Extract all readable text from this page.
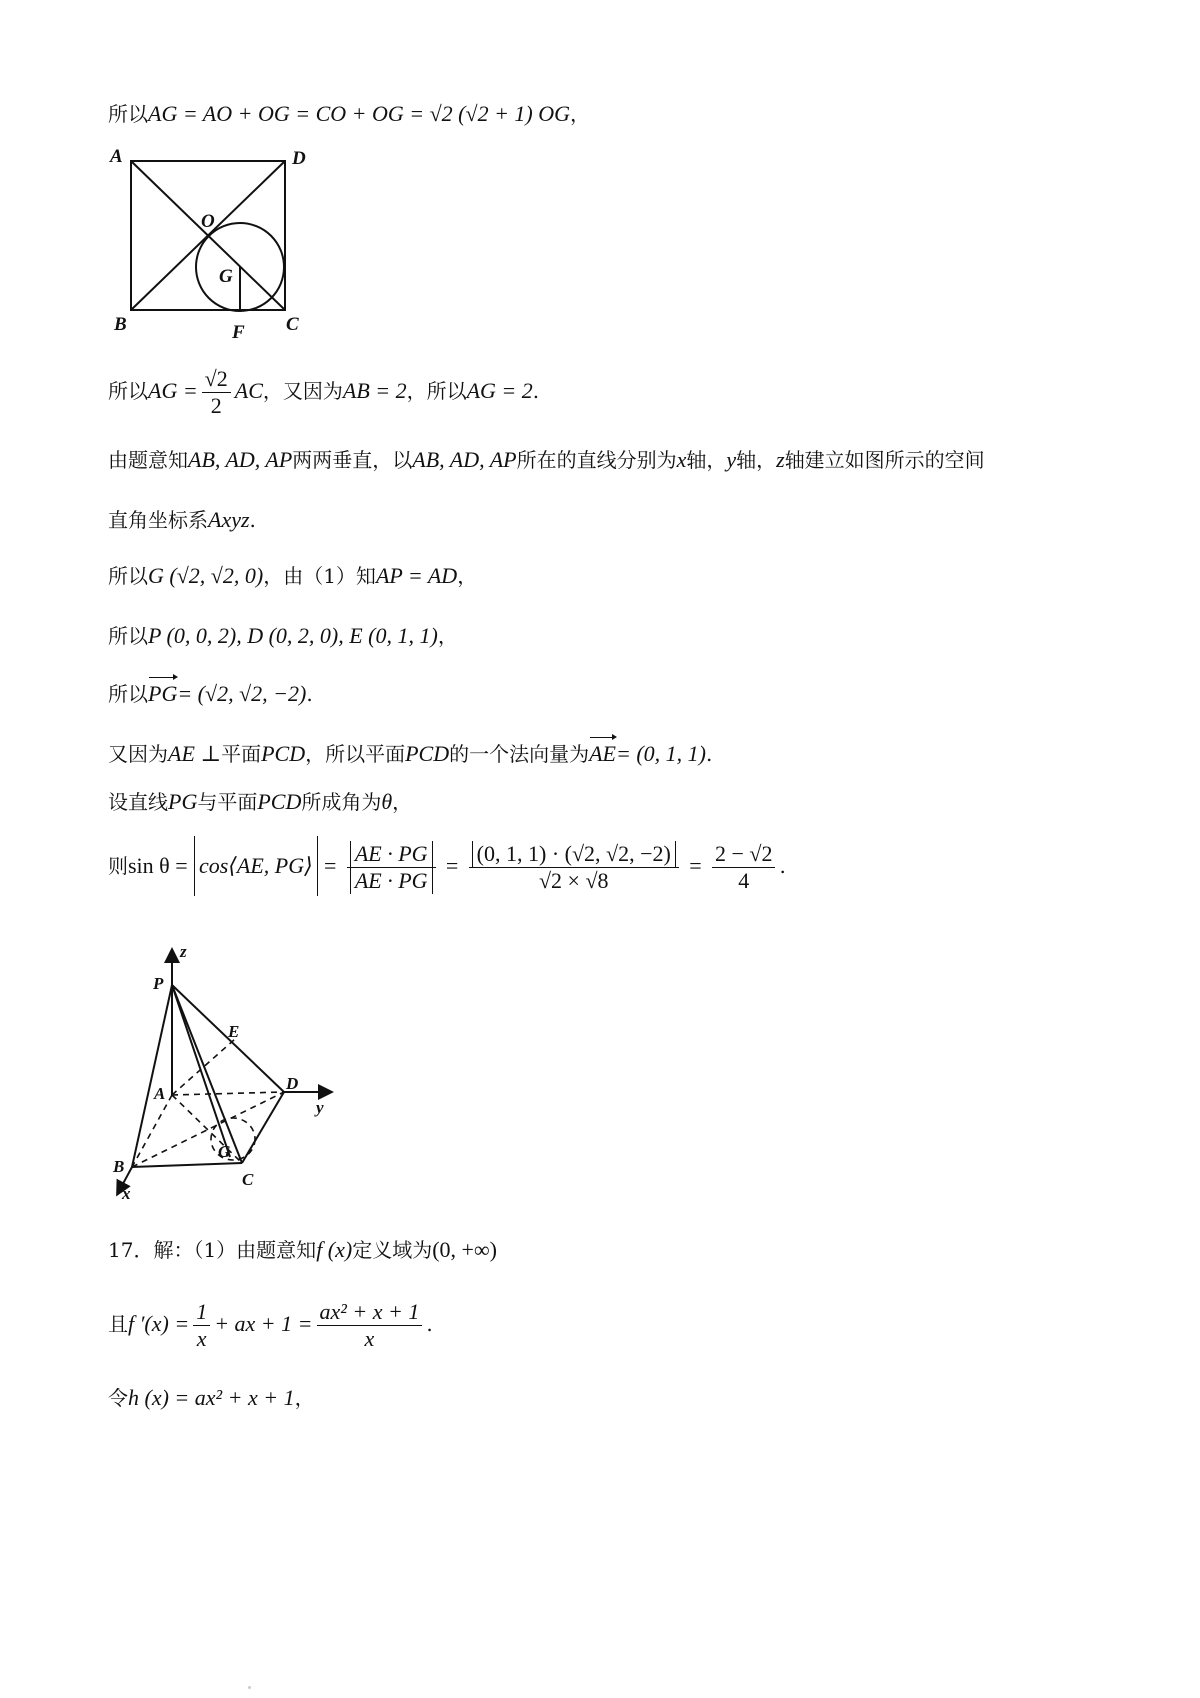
所以AG = AO + OG = CO + OG = √2 (√2 + 1) OG，
A	D
B	C
O
G
F
所以AG = $\frac{√2}{2}$ AC，又因为AB = 2，所以AG = 2.
由题意知AB, AD, AP两两垂直，以AB, AD, AP所在的直线分别为x轴，y轴，z轴建立如图所示的空间
直角坐标系Axyz.
所以G (√2, √2, 0)，由（1）知AP = AD，
所以P (0, 0, 2), D (0, 2, 0), E (0, 1, 1)，
所以PG= (√2, √2, −2).
又因为AE ⊥平面PCD，所以平面PCD的一个法向量为AE= (0, 1, 1).
设直线PG与平面PCD所成角为θ，
则sin θ = cos⟨AE, PG⟩ = $\frac{AE \cdot PG}{AE \cdot PG} = \frac{(0, 1, 1) \cdot (√2, √2, -2)}{√2 \times √8} = \frac{2 - √2}{4}$ .
z
P
E
A
D
y
G
B
C
x
17．解：（1）由题意知f (x)定义域为(0, +∞)
且f $'(x) = \frac{1}{x}$ + ax + $1 = \frac{\text{ax² + x + 1}}{x}$ .
令h (x) = ax² + x + 1，
